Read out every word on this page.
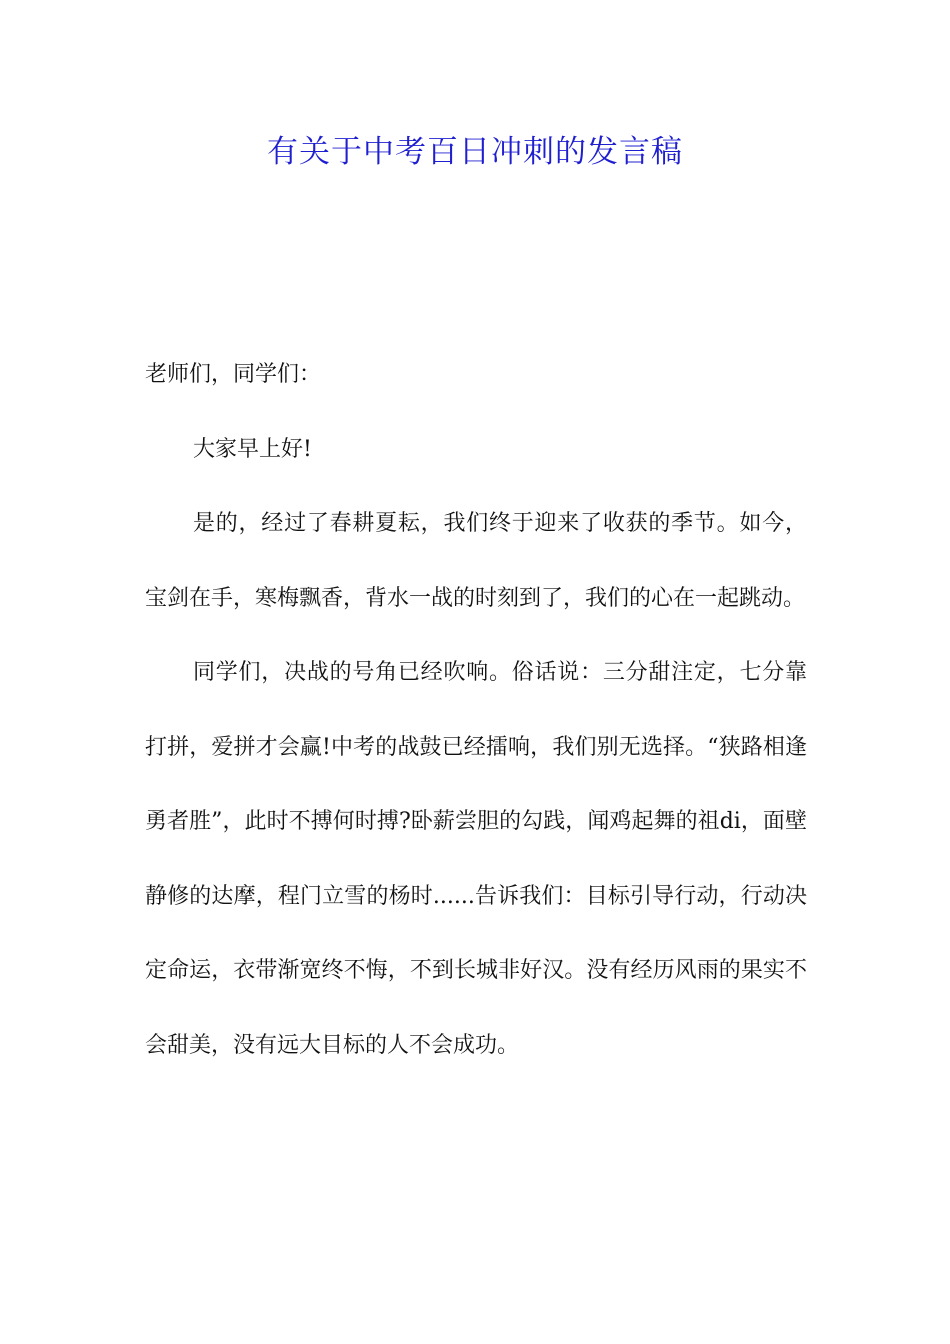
有关于中考百日冲刺的发言稿

老师们，同学们：

大家早上好!

是的，经过了春耕夏耘，我们终于迎来了收获的季节。如今，宝剑在手，寒梅飘香，背水一战的时刻到了，我们的心在一起跳动。

同学们，决战的号角已经吹响。俗话说：三分甜注定，七分靠打拼，爱拼才会赢!中考的战鼓已经擂响，我们别无选择。“狭路相逢勇者胜”，此时不搏何时搏?卧薪尝胆的勾践，闻鸡起舞的祖di，面壁静修的达摩，程门立雪的杨时......告诉我们：目标引导行动，行动决定命运，衣带渐宽终不悔，不到长城非好汉。没有经历风雨的果实不会甜美，没有远大目标的人不会成功。
